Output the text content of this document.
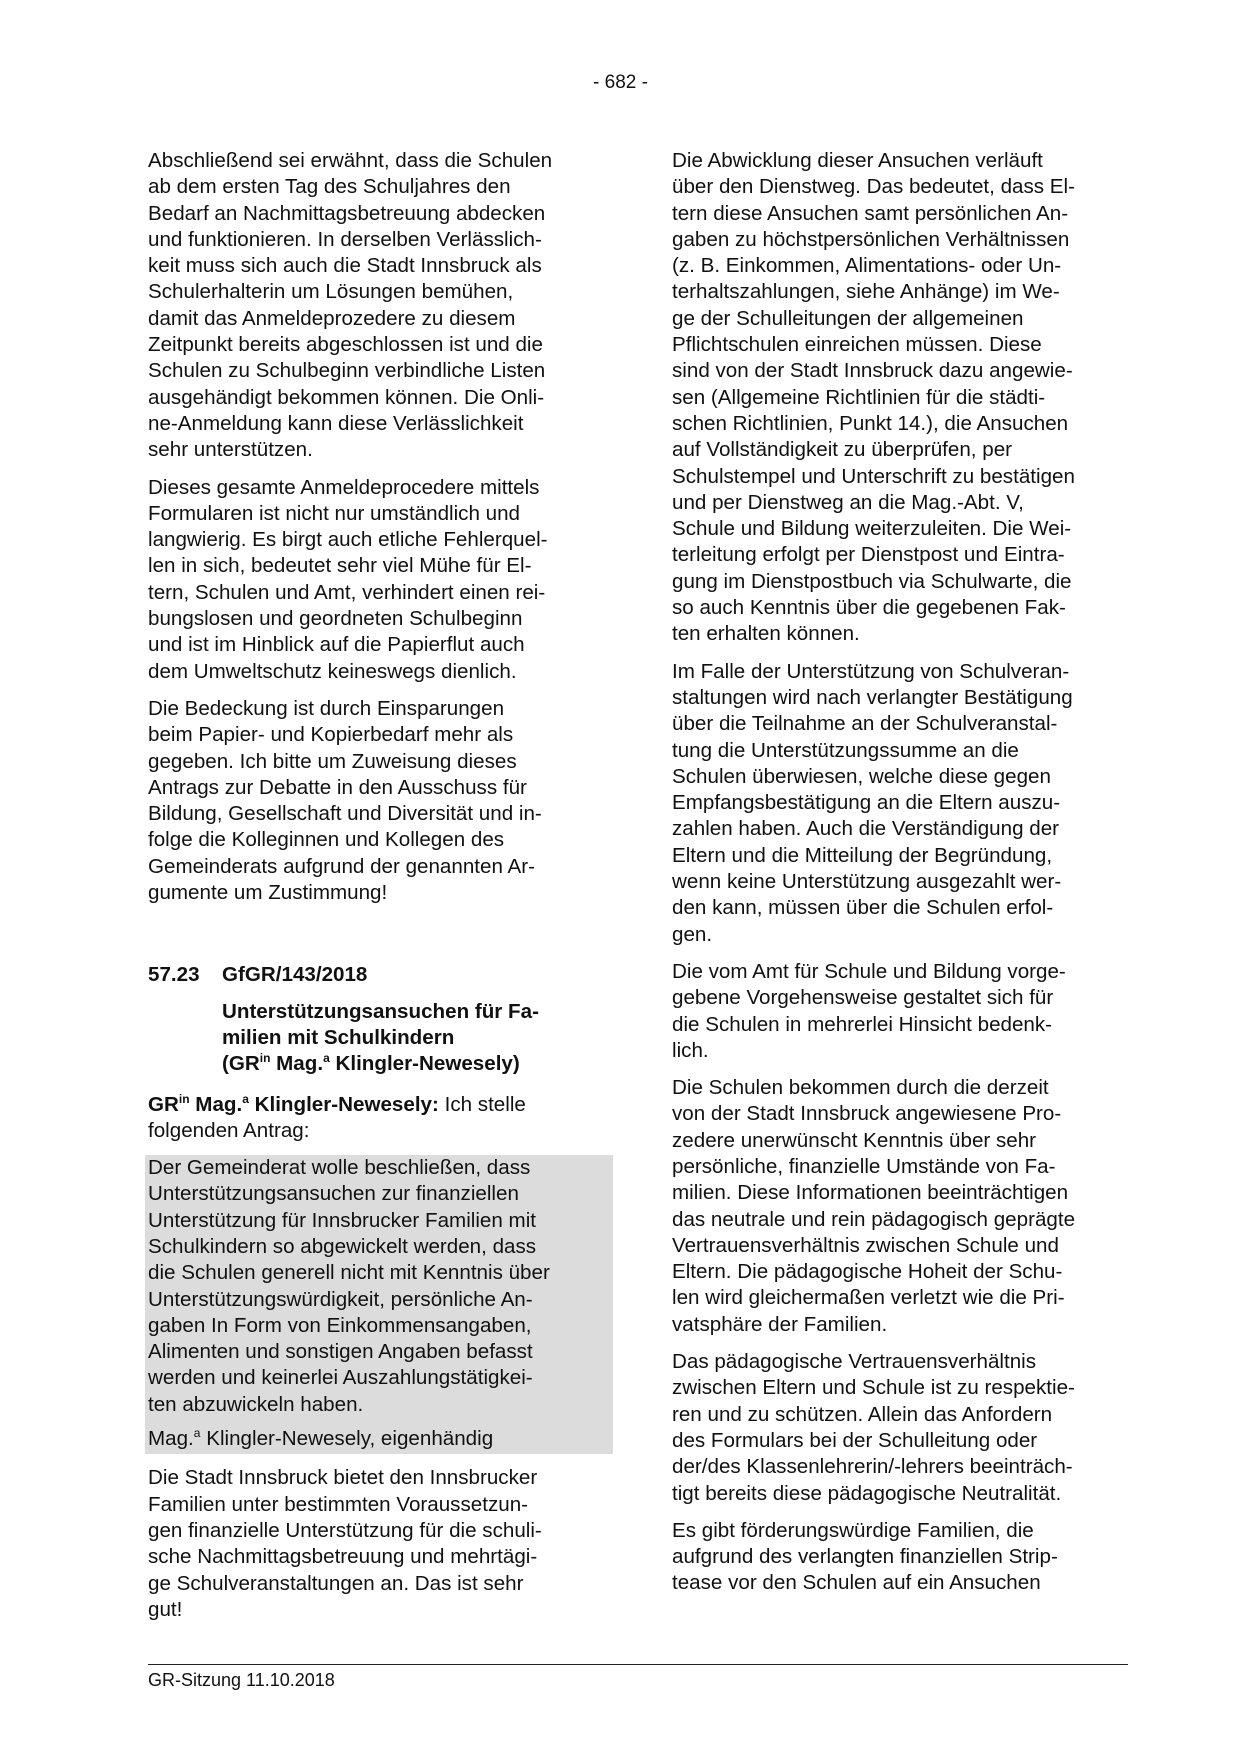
- 682 -

Abschließend sei erwähnt, dass die Schulen
ab dem ersten Tag des Schuljahres den
Bedarf an Nachmittagsbetreuung abdecken
und funktionieren. In derselben Verlässlich-
keit muss sich auch die Stadt Innsbruck als
Schulerhalterin um Lösungen bemühen,
damit das Anmeldeprozedere zu diesem
Zeitpunkt bereits abgeschlossen ist und die
Schulen zu Schulbeginn verbindliche Listen
ausgehändigt bekommen können. Die Onli-
ne-Anmeldung kann diese Verlässlichkeit
sehr unterstützen.

Dieses gesamte Anmeldeprocedere mittels
Formularen ist nicht nur umständlich und
langwierig. Es birgt auch etliche Fehlerquel-
len in sich, bedeutet sehr viel Mühe für El-
tern, Schulen und Amt, verhindert einen rei-
bungslosen und geordneten Schulbeginn
und ist im Hinblick auf die Papierflut auch
dem Umweltschutz keineswegs dienlich.

Die Bedeckung ist durch Einsparungen
beim Papier- und Kopierbedarf mehr als
gegeben. Ich bitte um Zuweisung dieses
Antrags zur Debatte in den Ausschuss für
Bildung, Gesellschaft und Diversität und in-
folge die Kolleginnen und Kollegen des
Gemeinderats aufgrund der genannten Ar-
gumente um Zustimmung!

57.23	GfGR/143/2018
Unterstützungsansuchen für Fa-
milien mit Schulkindern
($GR^{in}$ Mag.$^a$ Klingler-Newesely)

$GR^{in}$ Mag.$^a$ Klingler-Newesely: Ich stelle
folgenden Antrag:

Der Gemeinderat wolle beschließen, dass
Unterstützungsansuchen zur finanziellen
Unterstützung für Innsbrucker Familien mit
Schulkindern so abgewickelt werden, dass
die Schulen generell nicht mit Kenntnis über
Unterstützungswürdigkeit, persönliche An-
gaben In Form von Einkommensangaben,
Alimenten und sonstigen Angaben befasst
werden und keinerlei Auszahlungstätigkei-
ten abzuwickeln haben.

Mag.$^a$ Klingler-Newesely, eigenhändig

Die Stadt Innsbruck bietet den Innsbrucker
Familien unter bestimmten Voraussetzun-
gen finanzielle Unterstützung für die schuli-
sche Nachmittagsbetreuung und mehrtägi-
ge Schulveranstaltungen an. Das ist sehr
gut!

Die Abwicklung dieser Ansuchen verläuft
über den Dienstweg. Das bedeutet, dass El-
tern diese Ansuchen samt persönlichen An-
gaben zu höchstpersönlichen Verhältnissen
(z. B. Einkommen, Alimentations- oder Un-
terhaltszahlungen, siehe Anhänge) im We-
ge der Schulleitungen der allgemeinen
Pflichtschulen einreichen müssen. Diese
sind von der Stadt Innsbruck dazu angewie-
sen (Allgemeine Richtlinien für die städti-
schen Richtlinien, Punkt 14.), die Ansuchen
auf Vollständigkeit zu überprüfen, per
Schulstempel und Unterschrift zu bestätigen
und per Dienstweg an die Mag.-Abt. V,
Schule und Bildung weiterzuleiten. Die Wei-
terleitung erfolgt per Dienstpost und Eintra-
gung im Dienstpostbuch via Schulwarte, die
so auch Kenntnis über die gegebenen Fak-
ten erhalten können.

Im Falle der Unterstützung von Schulveran-
staltungen wird nach verlangter Bestätigung
über die Teilnahme an der Schulveranstal-
tung die Unterstützungssumme an die
Schulen überwiesen, welche diese gegen
Empfangsbestätigung an die Eltern auszu-
zahlen haben. Auch die Verständigung der
Eltern und die Mitteilung der Begründung,
wenn keine Unterstützung ausgezahlt wer-
den kann, müssen über die Schulen erfol-
gen.

Die vom Amt für Schule und Bildung vorge-
gebene Vorgehensweise gestaltet sich für
die Schulen in mehrerlei Hinsicht bedenk-
lich.

Die Schulen bekommen durch die derzeit
von der Stadt Innsbruck angewiesene Pro-
zedere unerwünscht Kenntnis über sehr
persönliche, finanzielle Umstände von Fa-
milien. Diese Informationen beeinträchtigen
das neutrale und rein pädagogisch geprägte
Vertrauensverhältnis zwischen Schule und
Eltern. Die pädagogische Hoheit der Schu-
len wird gleichermaßen verletzt wie die Pri-
vatsphäre der Familien.

Das pädagogische Vertrauensverhältnis
zwischen Eltern und Schule ist zu respektie-
ren und zu schützen. Allein das Anfordern
des Formulars bei der Schulleitung oder
der/des Klassenlehrerin/-lehrers beeinträch-
tigt bereits diese pädagogische Neutralität.

Es gibt förderungswürdige Familien, die
aufgrund des verlangten finanziellen Strip-
tease vor den Schulen auf ein Ansuchen

GR-Sitzung 11.10.2018
